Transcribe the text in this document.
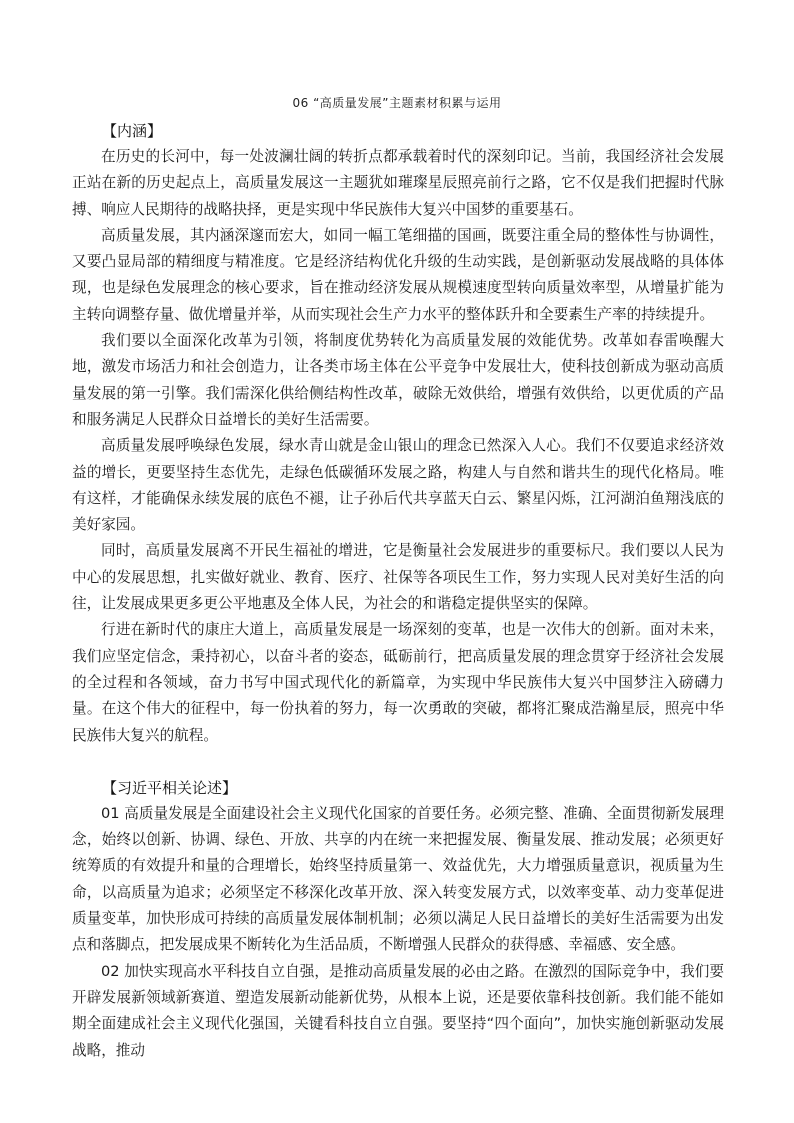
06 “高质量发展”主题素材积累与运用

【内涵】

在历史的长河中，每一处波澜壮阔的转折点都承载着时代的深刻印记。当前，我国经济社会发展正站在新的历史起点上，高质量发展这一主题犹如璀璨星辰照亮前行之路，它不仅是我们把握时代脉搏、响应人民期待的战略抉择，更是实现中华民族伟大复兴中国梦的重要基石。

高质量发展，其内涵深邃而宏大，如同一幅工笔细描的国画，既要注重全局的整体性与协调性，又要凸显局部的精细度与精准度。它是经济结构优化升级的生动实践，是创新驱动发展战略的具体体现，也是绿色发展理念的核心要求，旨在推动经济发展从规模速度型转向质量效率型，从增量扩能为主转向调整存量、做优增量并举，从而实现社会生产力水平的整体跃升和全要素生产率的持续提升。

我们要以全面深化改革为引领，将制度优势转化为高质量发展的效能优势。改革如春雷唤醒大地，激发市场活力和社会创造力，让各类市场主体在公平竞争中发展壮大，使科技创新成为驱动高质量发展的第一引擎。我们需深化供给侧结构性改革，破除无效供给，增强有效供给，以更优质的产品和服务满足人民群众日益增长的美好生活需要。

高质量发展呼唤绿色发展，绿水青山就是金山银山的理念已然深入人心。我们不仅要追求经济效益的增长，更要坚持生态优先，走绿色低碳循环发展之路，构建人与自然和谐共生的现代化格局。唯有这样，才能确保永续发展的底色不褪，让子孙后代共享蓝天白云、繁星闪烁，江河湖泊鱼翔浅底的美好家园。

同时，高质量发展离不开民生福祉的增进，它是衡量社会发展进步的重要标尺。我们要以人民为中心的发展思想，扎实做好就业、教育、医疗、社保等各项民生工作，努力实现人民对美好生活的向往，让发展成果更多更公平地惠及全体人民，为社会的和谐稳定提供坚实的保障。

行进在新时代的康庄大道上，高质量发展是一场深刻的变革，也是一次伟大的创新。面对未来，我们应坚定信念，秉持初心，以奋斗者的姿态，砥砺前行，把高质量发展的理念贯穿于经济社会发展的全过程和各领域，奋力书写中国式现代化的新篇章，为实现中华民族伟大复兴中国梦注入磅礴力量。在这个伟大的征程中，每一份执着的努力，每一次勇敢的突破，都将汇聚成浩瀚星辰，照亮中华民族伟大复兴的航程。

【习近平相关论述】

01 高质量发展是全面建设社会主义现代化国家的首要任务。必须完整、准确、全面贯彻新发展理念，始终以创新、协调、绿色、开放、共享的内在统一来把握发展、衡量发展、推动发展；必须更好统筹质的有效提升和量的合理增长，始终坚持质量第一、效益优先，大力增强质量意识，视质量为生命，以高质量为追求；必须坚定不移深化改革开放、深入转变发展方式，以效率变革、动力变革促进质量变革，加快形成可持续的高质量发展体制机制；必须以满足人民日益增长的美好生活需要为出发点和落脚点，把发展成果不断转化为生活品质，不断增强人民群众的获得感、幸福感、安全感。

02 加快实现高水平科技自立自强，是推动高质量发展的必由之路。在激烈的国际竞争中，我们要开辟发展新领域新赛道、塑造发展新动能新优势，从根本上说，还是要依靠科技创新。我们能不能如期全面建成社会主义现代化强国，关键看科技自立自强。要坚持“四个面向”，加快实施创新驱动发展战略，推动
